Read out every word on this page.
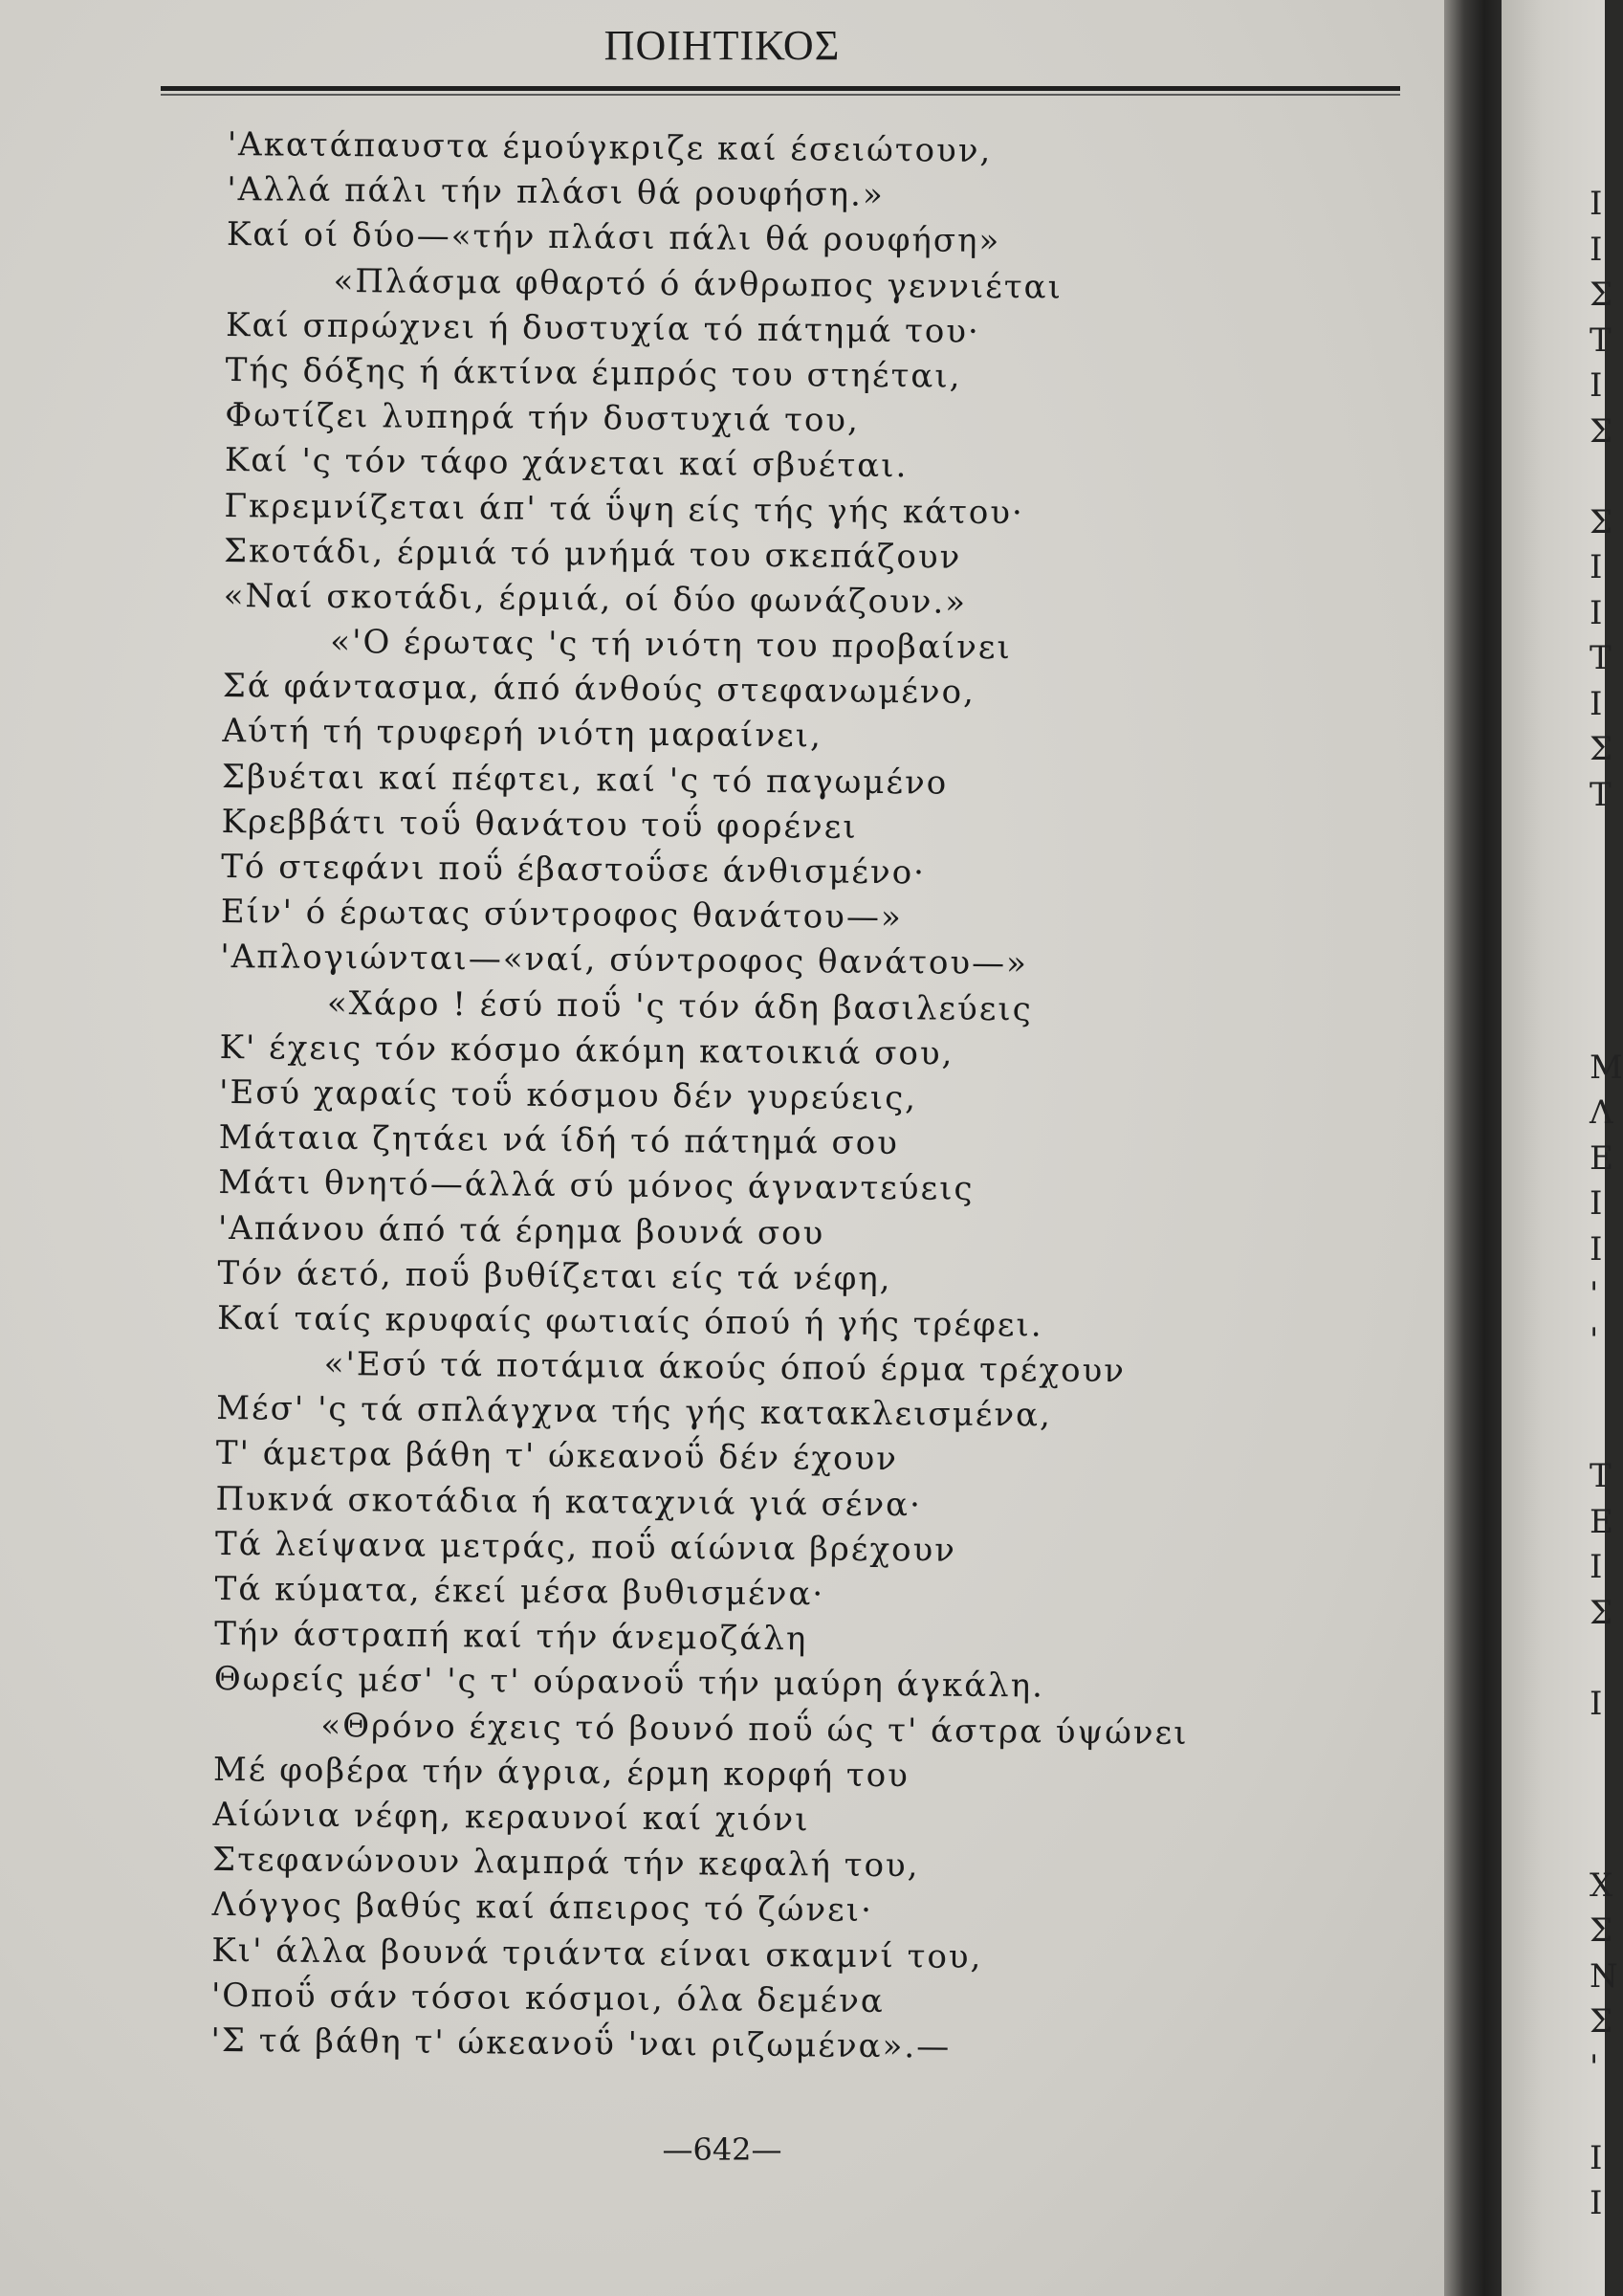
ΠΟΙΗΤΙΚΟΣ
'Ακατάπαυστα έμούγκριζε καί έσειώτουν,
'Αλλά πάλι τήν πλάσι θά ρουφήση.»
Καί οί δύο—«τήν πλάσι πάλι θά ρουφήση»
«Πλάσμα φθαρτό ό άνθρωπος γεννιέται
Καί σπρώχνει ή δυστυχία τό πάτημά του·
Τής δόξης ή άκτίνα έμπρός του στηέται,
Φωτίζει λυπηρά τήν δυστυχιά του,
Καί 'ς τόν τάφο χάνεται καί σβυέται.
Γκρεμνίζεται άπ' τά ΰψη είς τής γής κάτου·
Σκοτάδι, έρμιά τό μνήμά του σκεπάζουν
«Ναί σκοτάδι, έρμιά, οί δύο φωνάζουν.»
«'Ο έρωτας 'ς τή νιότη του προβαίνει
Σά φάντασμα, άπό άνθούς στεφανωμένο,
Αύτή τή τρυφερή νιότη μαραίνει,
Σβυέται καί πέφτει, καί 'ς τό παγωμένο
Κρεββάτι τοΰ θανάτου τοΰ φορένει
Τό στεφάνι ποΰ έβαστοΰσε άνθισμένο·
Είν' ό έρωτας σύντροφος θανάτου—»
'Απλογιώνται—«ναί, σύντροφος θανάτου—»
«Χάρο ! έσύ ποΰ 'ς τόν άδη βασιλεύεις
Κ' έχεις τόν κόσμο άκόμη κατοικιά σου,
'Εσύ χαραίς τοΰ κόσμου δέν γυρεύεις,
Μάταια ζητάει νά ίδή τό πάτημά σου
Μάτι θνητό—άλλά σύ μόνος άγναντεύεις
'Απάνου άπό τά έρημα βουνά σου
Τόν άετό, ποΰ βυθίζεται είς τά νέφη,
Καί ταίς κρυφαίς φωτιαίς όπού ή γής τρέφει.
«'Εσύ τά ποτάμια άκούς όπού έρμα τρέχουν
Μέσ' 'ς τά σπλάγχνα τής γής κατακλεισμένα,
Τ' άμετρα βάθη τ' ώκεανοΰ δέν έχουν
Πυκνά σκοτάδια ή καταχνιά γιά σένα·
Τά λείψανα μετράς, ποΰ αίώνια βρέχουν
Τά κύματα, έκεί μέσα βυθισμένα·
Τήν άστραπή καί τήν άνεμοζάλη
Θωρείς μέσ' 'ς τ' ούρανοΰ τήν μαύρη άγκάλη.
«Θρόνο έχεις τό βουνό ποΰ ώς τ' άστρα ύψώνει
Μέ φοβέρα τήν άγρια, έρμη κορφή του
Αίώνια νέφη, κεραυνοί καί χιόνι
Στεφανώνουν λαμπρά τήν κεφαλή του,
Λόγγος βαθύς καί άπειρος τό ζώνει·
Κι' άλλα βουνά τριάντα είναι σκαμνί του,
'Οποΰ σάν τόσοι κόσμοι, όλα δεμένα
'Σ τά βάθη τ' ώκεανοΰ 'ναι ριζωμένα».—
—642—
Ι
Ι
Σ
Τ
Ι
Σ
Σ
Ι
Ι
Τ
Ι
Σ
Τ
Μ
Λ
Ε
Ι
Ι
'
'
Τ
Ε
Ι
Σ
Ι
Χ
Σ
Ν
Σ
'
Ι
Ι
